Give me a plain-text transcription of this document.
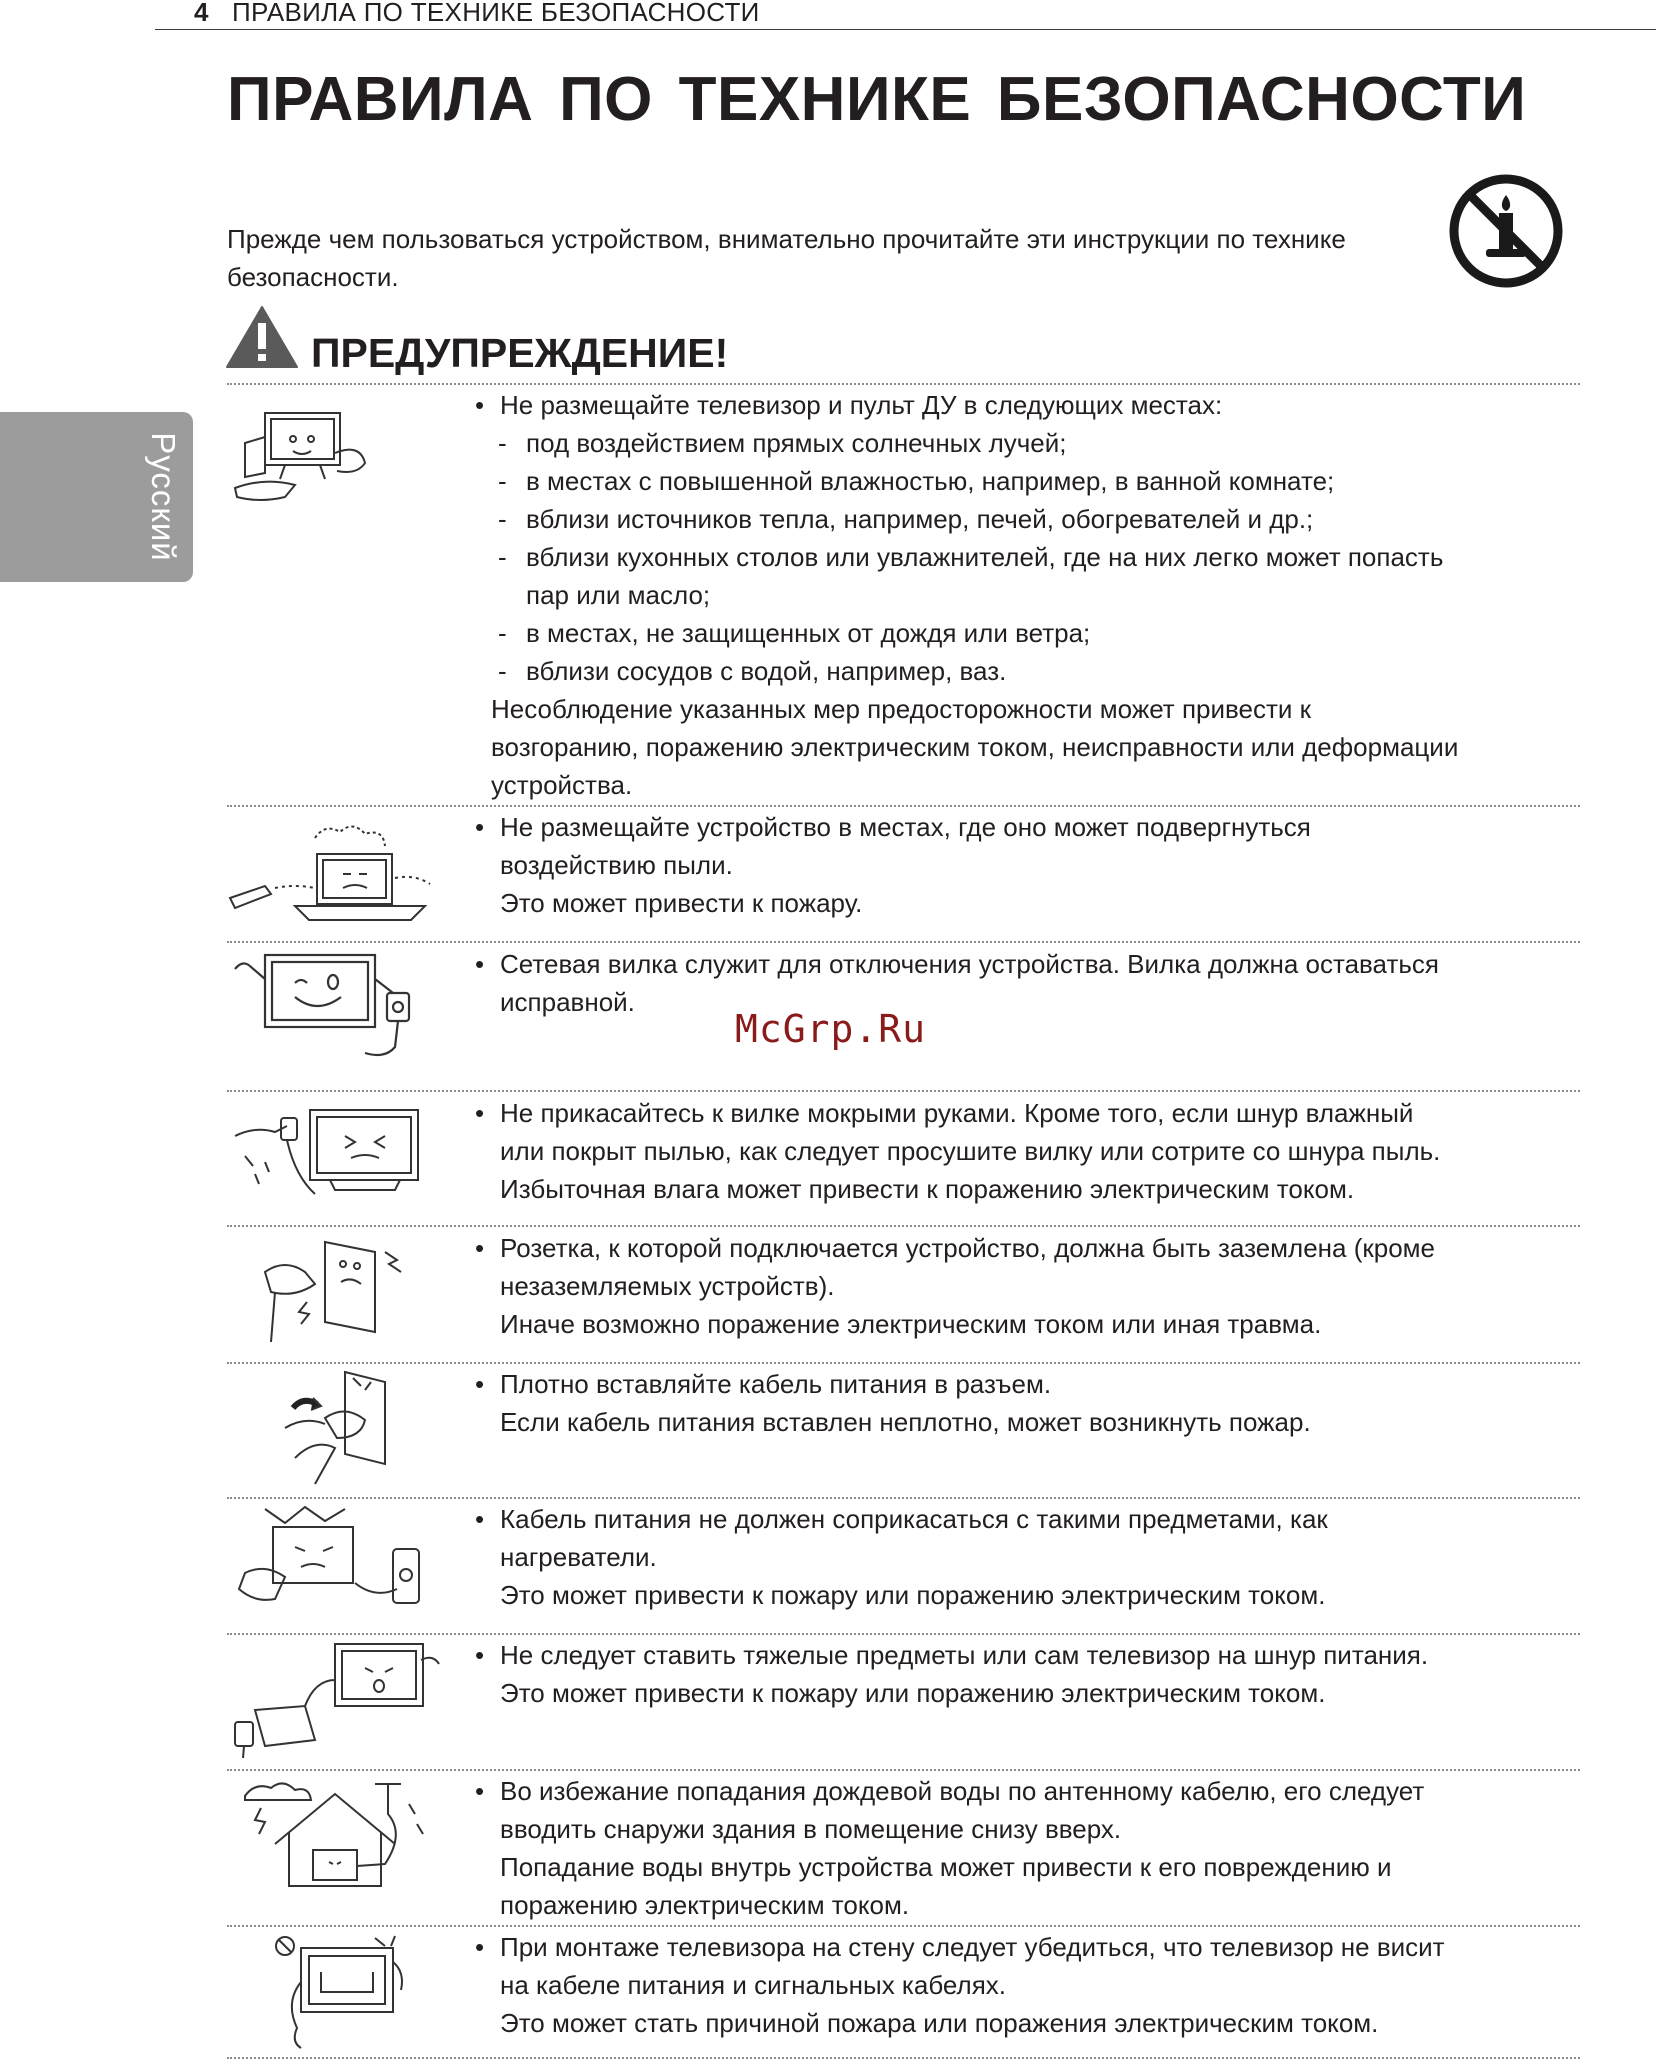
4 ПРАВИЛА ПО ТЕХНИКЕ БЕЗОПАСНОСТИ
ПРАВИЛА ПО ТЕХНИКЕ БЕЗОПАСНОСТИ

Прежде чем пользоваться устройством, внимательно прочитайте эти инструкции по технике безопасности.

ПРЕДУПРЕЖДЕНИЕ!
Русский
• Не размещайте телевизор и пульт ДУ в следующих местах:
- под воздействием прямых солнечных лучей;
- в местах с повышенной влажностью, например, в ванной комнате;
- вблизи источников тепла, например, печей, обогревателей и др.;
- вблизи кухонных столов или увлажнителей, где на них легко может попасть
пар или масло;
- в местах, не защищенных от дождя или ветра;
- вблизи сосудов с водой, например, ваз.
Несоблюдение указанных мер предосторожности может привести к
возгоранию, поражению электрическим током, неисправности или деформации
устройства.
• Не размещайте устройство в местах, где оно может подвергнуться
воздействию пыли.
Это может привести к пожару.
• Сетевая вилка служит для отключения устройства. Вилка должна оставаться
исправной.
McGrp.Ru
• Не прикасайтесь к вилке мокрыми руками. Кроме того, если шнур влажный
или покрыт пылью, как следует просушите вилку или сотрите со шнура пыль.
Избыточная влага может привести к поражению электрическим током.
• Розетка, к которой подключается устройство, должна быть заземлена (кроме
незаземляемых устройств).
Иначе возможно поражение электрическим током или иная травма.
• Плотно вставляйте кабель питания в разъем.
Если кабель питания вставлен неплотно, может возникнуть пожар.
• Кабель питания не должен соприкасаться с такими предметами, как
нагреватели.
Это может привести к пожару или поражению электрическим током.
• Не следует ставить тяжелые предметы или сам телевизор на шнур питания.
Это может привести к пожару или поражению электрическим током.
• Во избежание попадания дождевой воды по антенному кабелю, его следует
вводить снаружи здания в помещение снизу вверх.
Попадание воды внутрь устройства может привести к его повреждению и
поражению электрическим током.
• При монтаже телевизора на стену следует убедиться, что телевизор не висит
на кабеле питания и сигнальных кабелях.
Это может стать причиной пожара или поражения электрическим током.
